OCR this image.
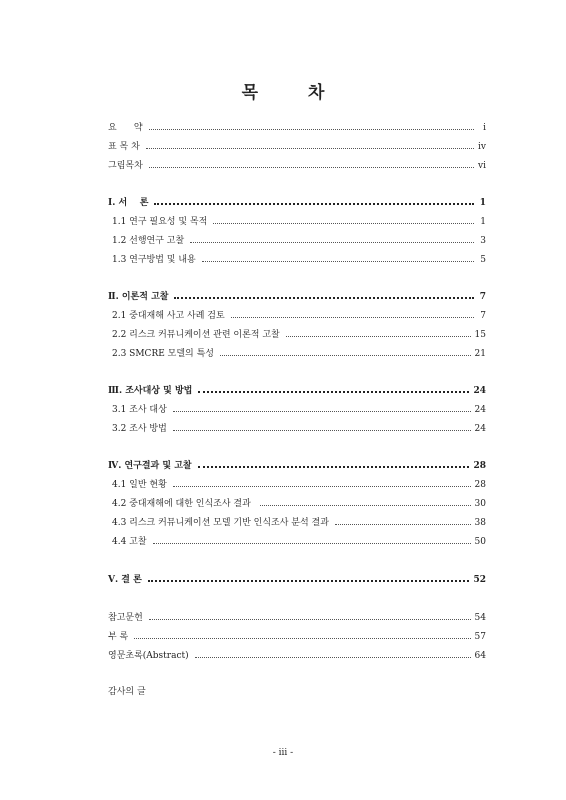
목 차
요      약	i
표 목 차	iv
그림목차	vi
Ⅰ. 서    론	1
1.1 연구 필요성 및 목적	1
1.2 선행연구 고찰	3
1.3 연구방법 및 내용	5
Ⅱ. 이론적 고찰	7
2.1 중대재해 사고 사례 검토	7
2.2 리스크 커뮤니케이션 관련 이론적 고찰	15
2.3 SMCRE 모델의 특성	21
Ⅲ. 조사대상 및 방법	24
3.1 조사 대상	24
3.2 조사 방법	24
Ⅳ. 연구결과 및 고찰	28
4.1 일반 현황	28
4.2 중대재해에 대한 인식조사 결과	30
4.3 리스크 커뮤니케이션 모델 기반 인식조사 분석 결과	38
4.4 고찰	50
Ⅴ. 결 론	52
참고문헌	54
부 록	57
영문초록(Abstract)	64
감사의 글
- iii -
